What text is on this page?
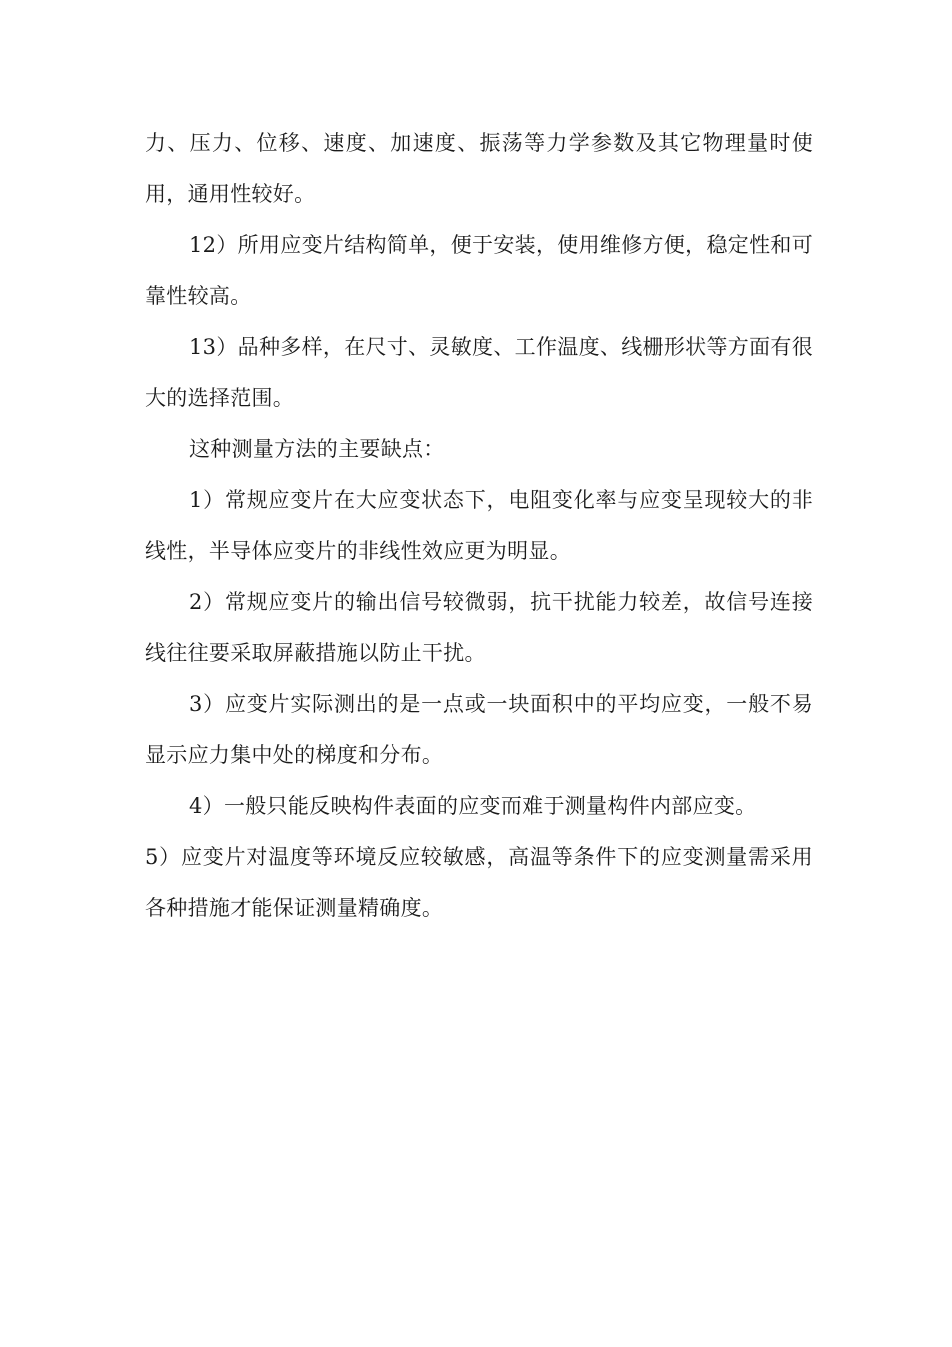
力、压力、位移、速度、加速度、振荡等力学参数及其它物理量时使用，通用性较好。

12）所用应变片结构简单，便于安装，使用维修方便，稳定性和可靠性较高。

13）品种多样，在尺寸、灵敏度、工作温度、线栅形状等方面有很大的选择范围。

这种测量方法的主要缺点：

1）常规应变片在大应变状态下，电阻变化率与应变呈现较大的非线性，半导体应变片的非线性效应更为明显。

2）常规应变片的输出信号较微弱，抗干扰能力较差，故信号连接线往往要采取屏蔽措施以防止干扰。

3）应变片实际测出的是一点或一块面积中的平均应变，一般不易显示应力集中处的梯度和分布。

4）一般只能反映构件表面的应变而难于测量构件内部应变。

5）应变片对温度等环境反应较敏感，高温等条件下的应变测量需采用各种措施才能保证测量精确度。
